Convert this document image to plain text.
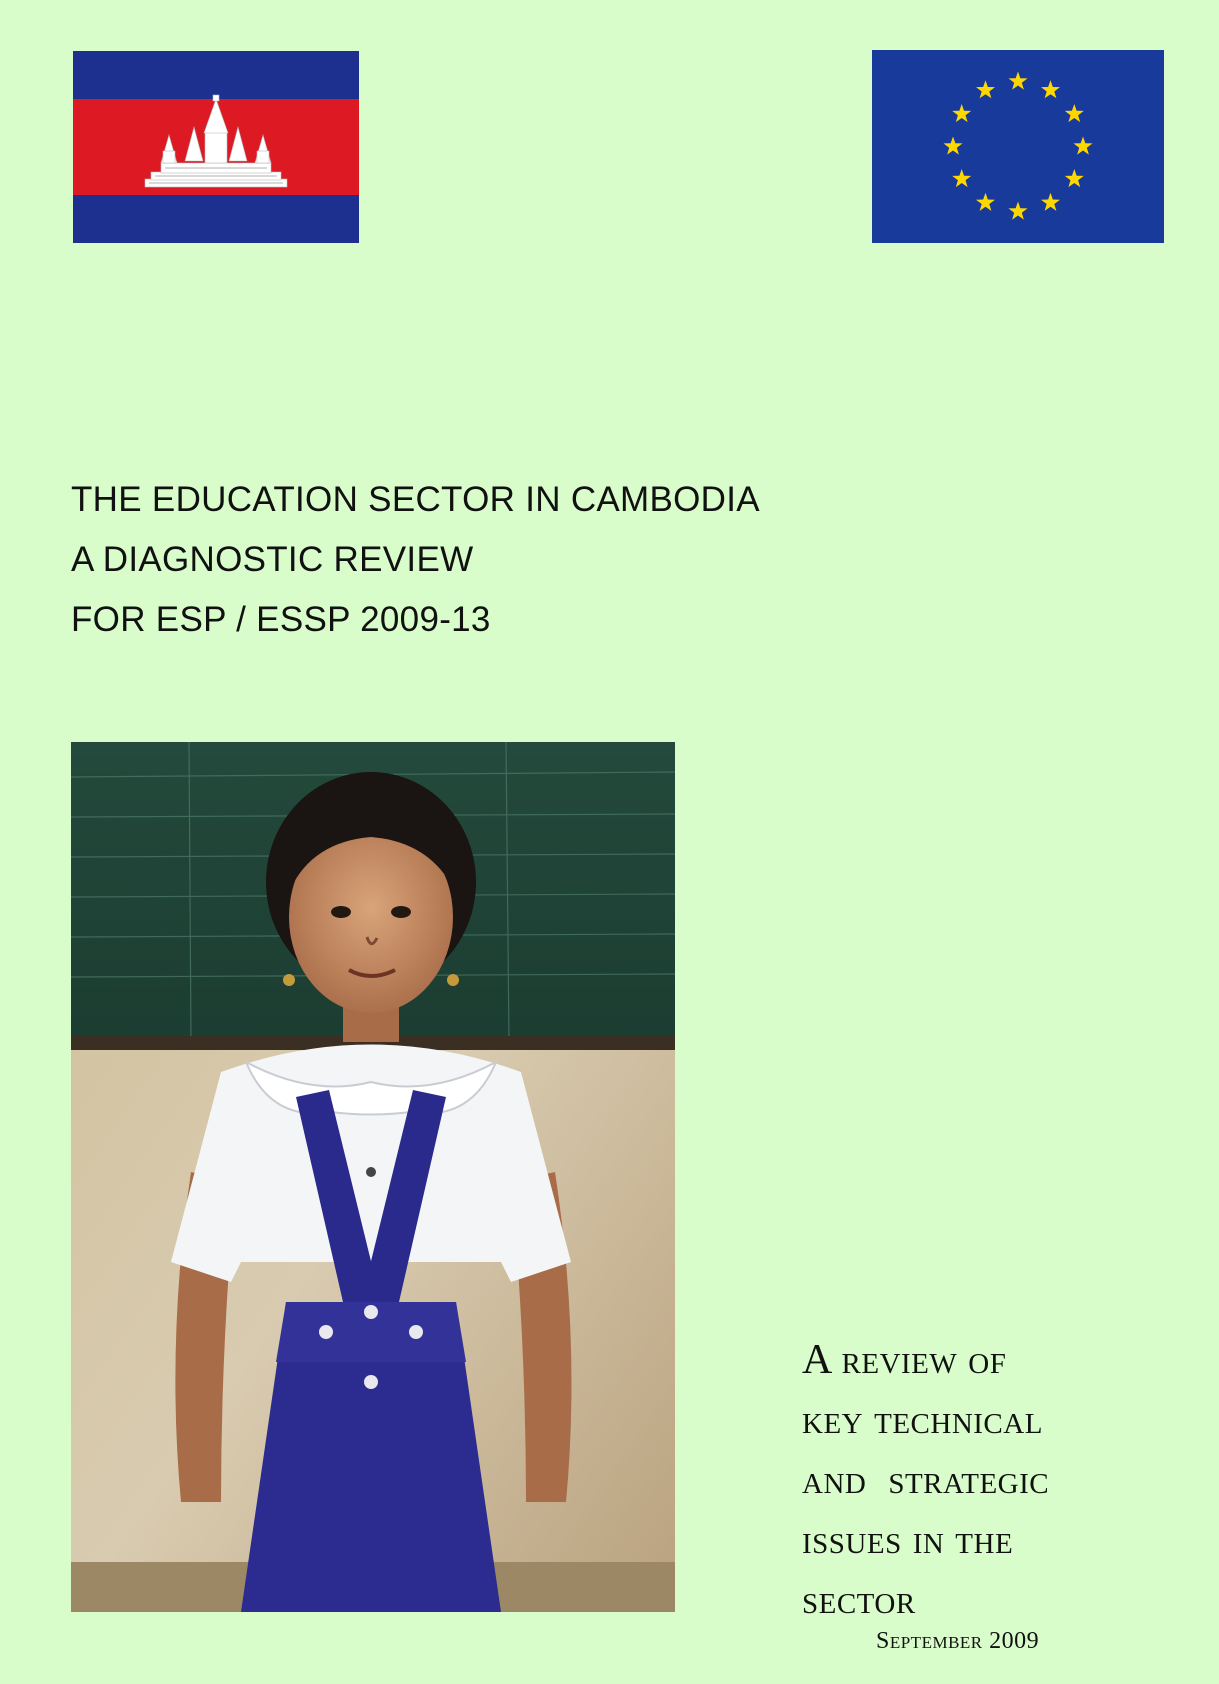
THE EDUCATION SECTOR IN CAMBODIA
A DIAGNOSTIC REVIEW
FOR ESP / ESSP 2009-13
A review of
key technical
and  strategic
issues in the
sector
September 2009
